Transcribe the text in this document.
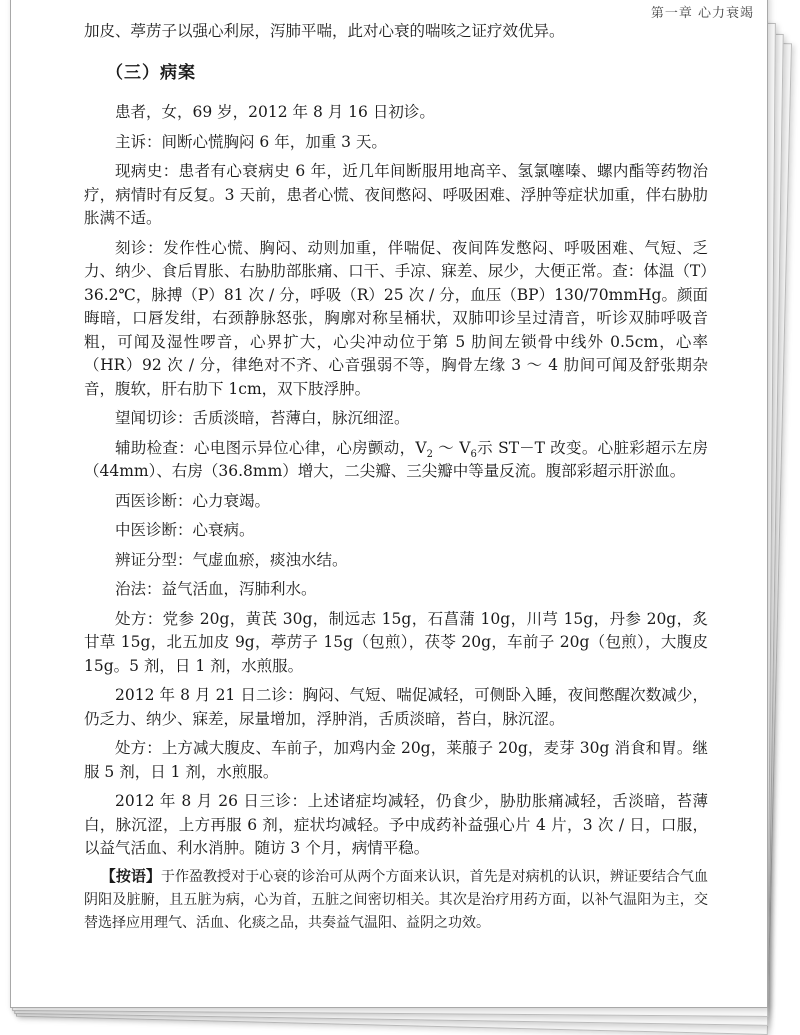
第一章 心力衰竭

加皮、葶苈子以强心利尿，泻肺平喘，此对心衰的喘咳之证疗效优异。

（三）病案

患者，女，69 岁，2012 年 8 月 16 日初诊。

主诉：间断心慌胸闷 6 年，加重 3 天。

现病史：患者有心衰病史 6 年，近几年间断服用地高辛、氢氯噻嗪、螺内酯等药物治疗，病情时有反复。3 天前，患者心慌、夜间憋闷、呼吸困难、浮肿等症状加重，伴右胁肋胀满不适。

刻诊：发作性心慌、胸闷、动则加重，伴喘促、夜间阵发憋闷、呼吸困难、气短、乏力、纳少、食后胃胀、右胁肋部胀痛、口干、手凉、寐差、尿少，大便正常。查：体温（T）36.2℃，脉搏（P）81 次 / 分，呼吸（R）25 次 / 分，血压（BP）130/70mmHg。颜面晦暗，口唇发绀，右颈静脉怒张，胸廓对称呈桶状，双肺叩诊呈过清音，听诊双肺呼吸音粗，可闻及湿性啰音，心界扩大，心尖冲动位于第 5 肋间左锁骨中线外 0.5cm，心率（HR）92 次 / 分，律绝对不齐、心音强弱不等，胸骨左缘 3 ～ 4 肋间可闻及舒张期杂音，腹软，肝右肋下 1cm，双下肢浮肿。

望闻切诊：舌质淡暗，苔薄白，脉沉细涩。

辅助检查：心电图示异位心律，心房颤动，$V_2$ ～ $V_6$示 ST－T 改变。心脏彩超示左房（44mm）、右房（36.8mm）增大，二尖瓣、三尖瓣中等量反流。腹部彩超示肝淤血。

西医诊断：心力衰竭。

中医诊断：心衰病。

辨证分型：气虚血瘀，痰浊水结。

治法：益气活血，泻肺利水。

处方：党参 20g，黄芪 30g，制远志 15g，石菖蒲 10g，川芎 15g，丹参 20g，炙甘草 15g，北五加皮 9g，葶苈子 15g（包煎），茯苓 20g，车前子 20g（包煎），大腹皮 15g。5 剂，日 1 剂，水煎服。

2012 年 8 月 21 日二诊：胸闷、气短、喘促减轻，可侧卧入睡，夜间憋醒次数减少，仍乏力、纳少、寐差，尿量增加，浮肿消，舌质淡暗，苔白，脉沉涩。

处方：上方减大腹皮、车前子，加鸡内金 20g，莱菔子 20g，麦芽 30g 消食和胃。继服 5 剂，日 1 剂，水煎服。

2012 年 8 月 26 日三诊：上述诸症均减轻，仍食少，胁肋胀痛减轻，舌淡暗，苔薄白，脉沉涩，上方再服 6 剂，症状均减轻。予中成药补益强心片 4 片，3 次 / 日，口服，以益气活血、利水消肿。随访 3 个月，病情平稳。

【按语】于作盈教授对于心衰的诊治可从两个方面来认识，首先是对病机的认识，辨证要结合气血阴阳及脏腑，且五脏为病，心为首，五脏之间密切相关。其次是治疗用药方面，以补气温阳为主，交替选择应用理气、活血、化痰之品，共奏益气温阳、益阴之功效。
